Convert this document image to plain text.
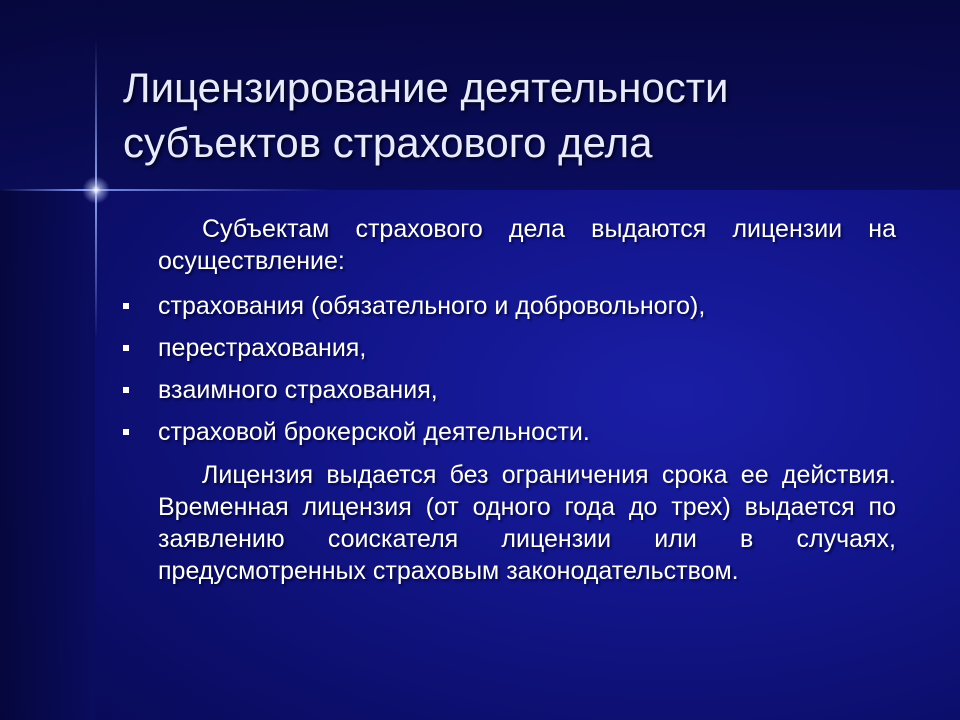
Лицензирование деятельности субъектов страхового дела

Субъектам страхового дела выдаются лицензии на осуществление:

страхования (обязательного и добровольного),
перестрахования,
взаимного страхования,
страховой брокерской деятельности.

Лицензия выдается без ограничения срока ее действия. Временная лицензия (от одного года до трех) выдается по заявлению соискателя лицензии или в случаях, предусмотренных страховым законодательством.
